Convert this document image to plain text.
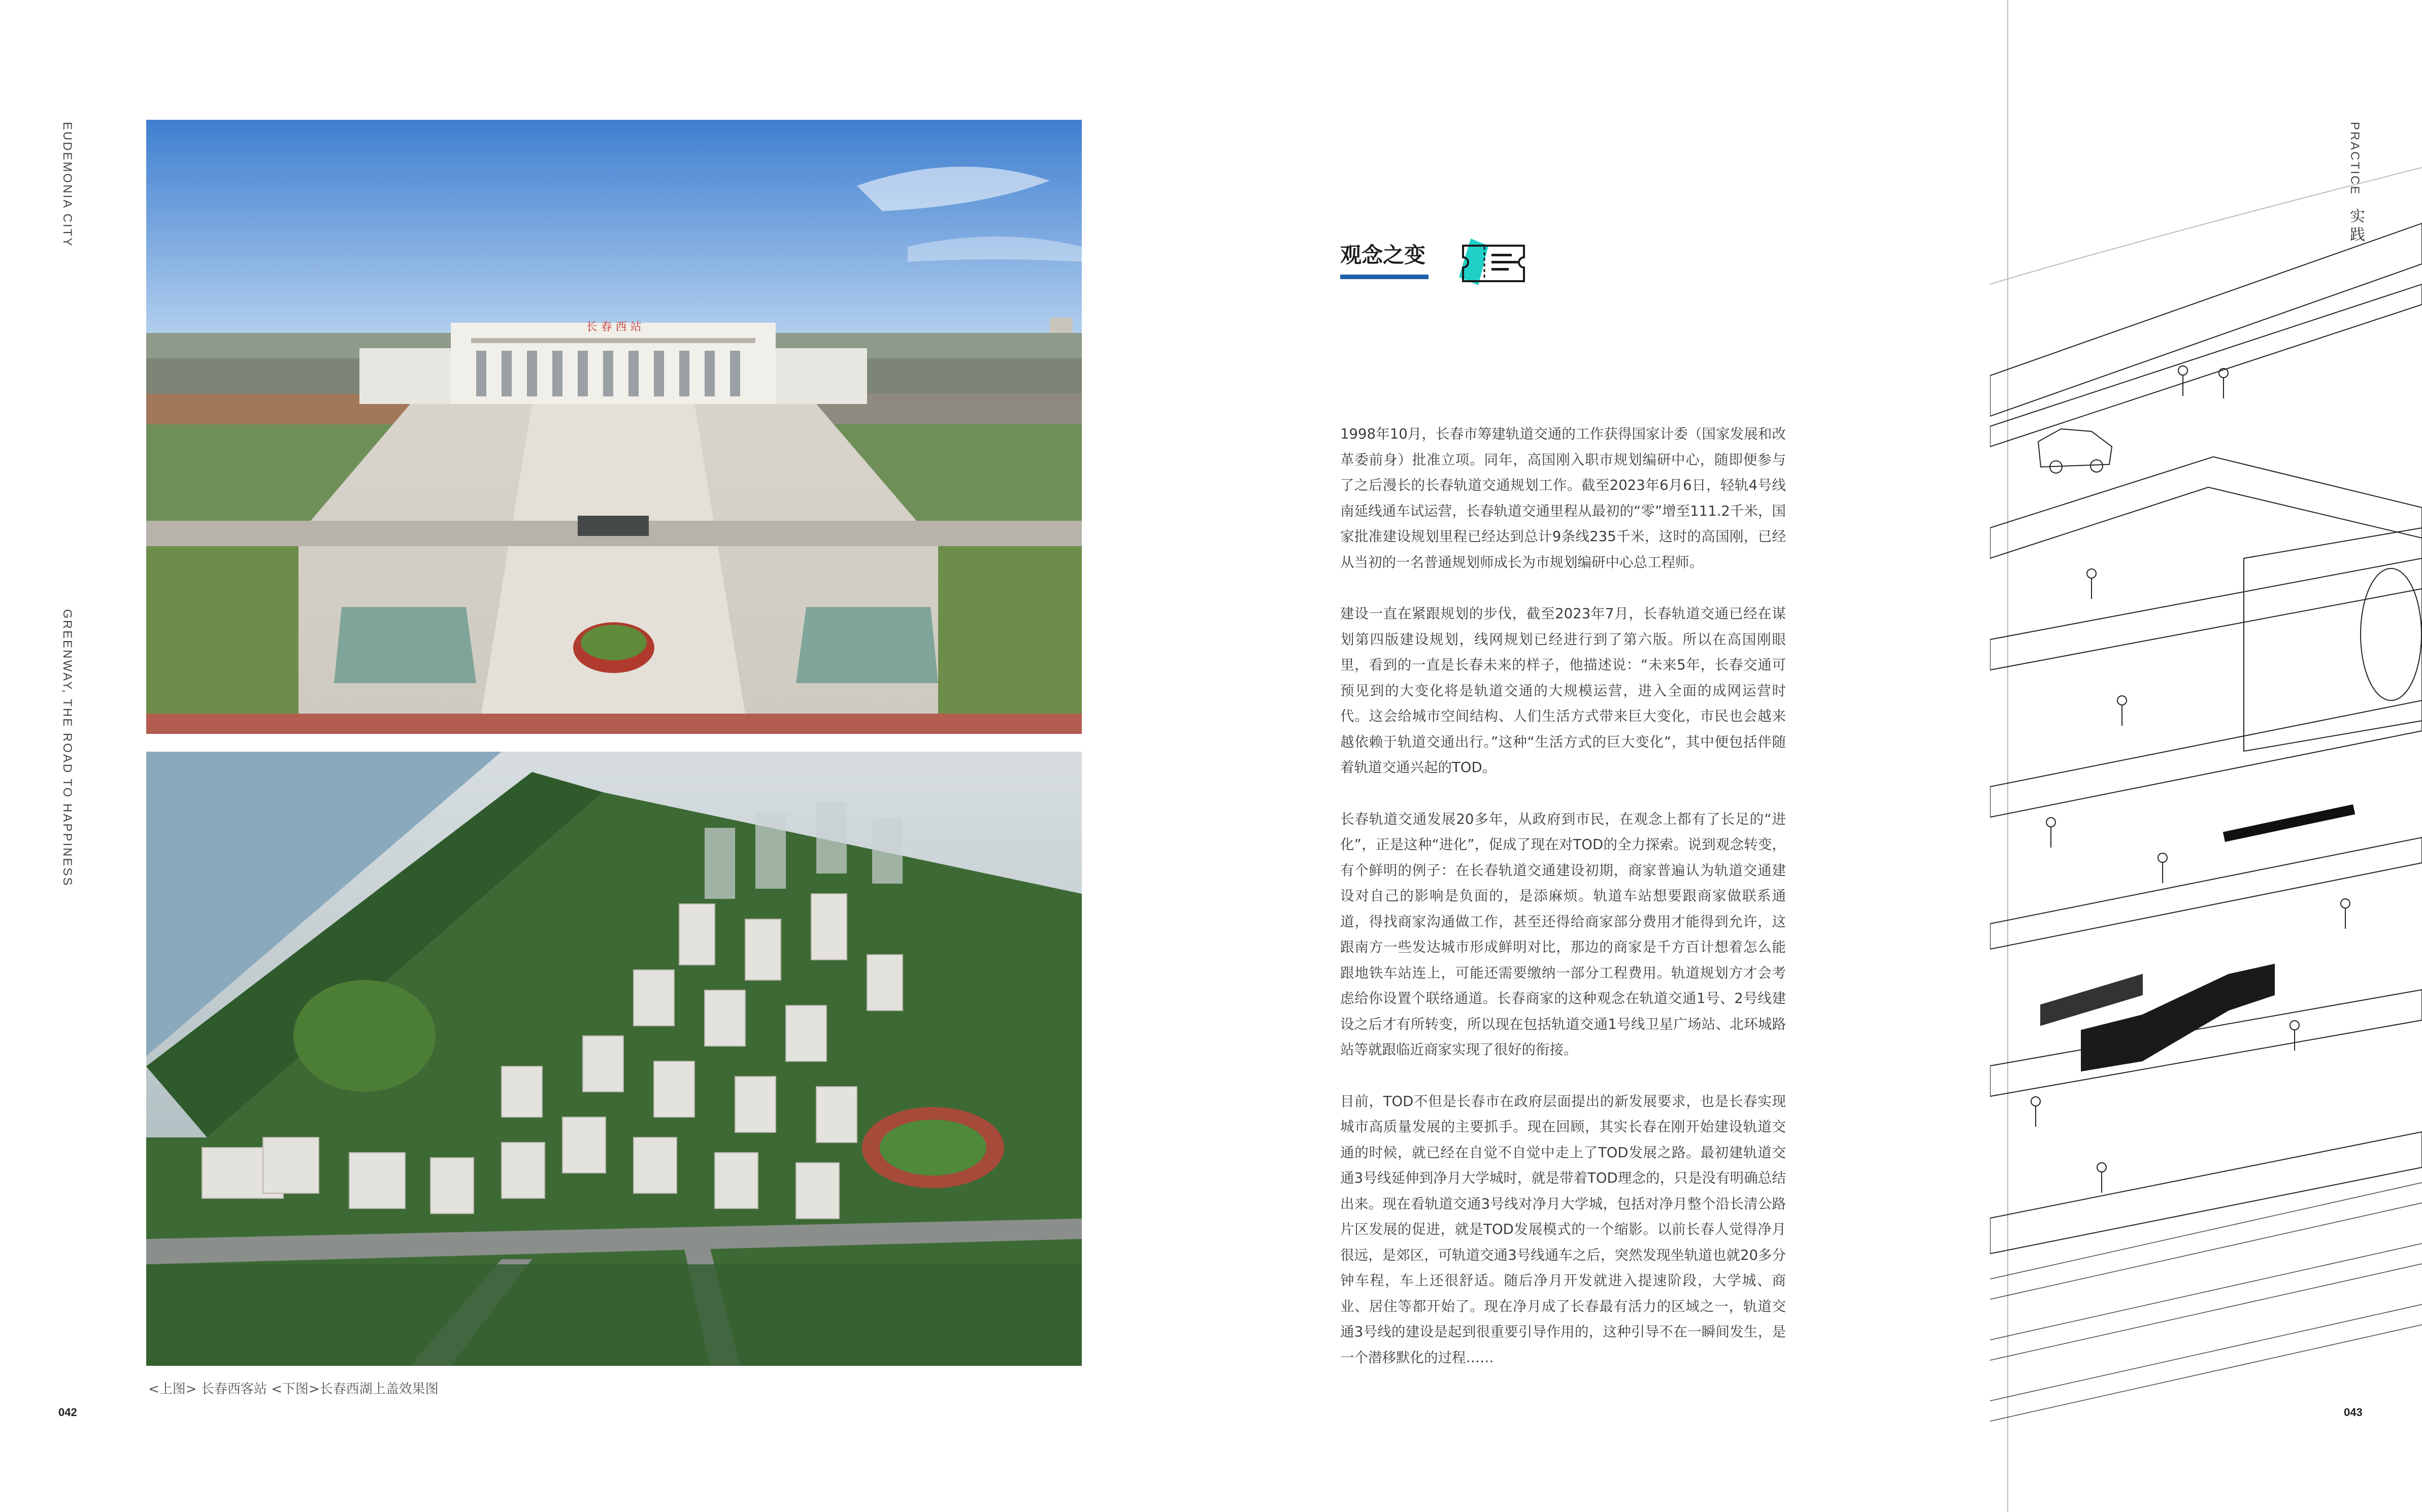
EUDEMONIA CITY
GREENWAY, THE ROAD TO HAPPINESS
长 春 西 站
<上图> 长春西客站 <下图>长春西湖上盖效果图
042
观念之变

1998年10月，长春市筹建轨道交通的工作获得国家计委（国家发展和改革委前身）批准立项。同年，高国刚入职市规划编研中心，随即便参与了之后漫长的长春轨道交通规划工作。截至2023年6月6日，轻轨4号线南延线通车试运营，长春轨道交通里程从最初的“零”增至111.2千米，国家批准建设规划里程已经达到总计9条线235千米，这时的高国刚，已经从当初的一名普通规划师成长为市规划编研中心总工程师。

建设一直在紧跟规划的步伐，截至2023年7月，长春轨道交通已经在谋划第四版建设规划，线网规划已经进行到了第六版。所以在高国刚眼里，看到的一直是长春未来的样子，他描述说：“未来5年，长春交通可预见到的大变化将是轨道交通的大规模运营，进入全面的成网运营时代。这会给城市空间结构、人们生活方式带来巨大变化，市民也会越来越依赖于轨道交通出行。”这种“生活方式的巨大变化”，其中便包括伴随着轨道交通兴起的TOD。

长春轨道交通发展20多年，从政府到市民，在观念上都有了长足的“进化”，正是这种“进化”，促成了现在对TOD的全力探索。说到观念转变，有个鲜明的例子：在长春轨道交通建设初期，商家普遍认为轨道交通建设对自己的影响是负面的，是添麻烦。轨道车站想要跟商家做联系通道，得找商家沟通做工作，甚至还得给商家部分费用才能得到允许，这跟南方一些发达城市形成鲜明对比，那边的商家是千方百计想着怎么能跟地铁车站连上，可能还需要缴纳一部分工程费用。轨道规划方才会考虑给你设置个联络通道。长春商家的这种观念在轨道交通1号、2号线建设之后才有所转变，所以现在包括轨道交通1号线卫星广场站、北环城路站等就跟临近商家实现了很好的衔接。

目前，TOD不但是长春市在政府层面提出的新发展要求，也是长春实现城市高质量发展的主要抓手。现在回顾，其实长春在刚开始建设轨道交通的时候，就已经在自觉不自觉中走上了TOD发展之路。最初建轨道交通3号线延伸到净月大学城时，就是带着TOD理念的，只是没有明确总结出来。现在看轨道交通3号线对净月大学城，包括对净月整个沿长清公路片区发展的促进，就是TOD发展模式的一个缩影。以前长春人觉得净月很远，是郊区，可轨道交通3号线通车之后，突然发现坐轨道也就20多分钟车程，车上还很舒适。随后净月开发就进入提速阶段，大学城、商业、居住等都开始了。现在净月成了长春最有活力的区域之一，轨道交通3号线的建设是起到很重要引导作用的，这种引导不在一瞬间发生，是一个潜移默化的过程……

PRACTICE
实践
043
